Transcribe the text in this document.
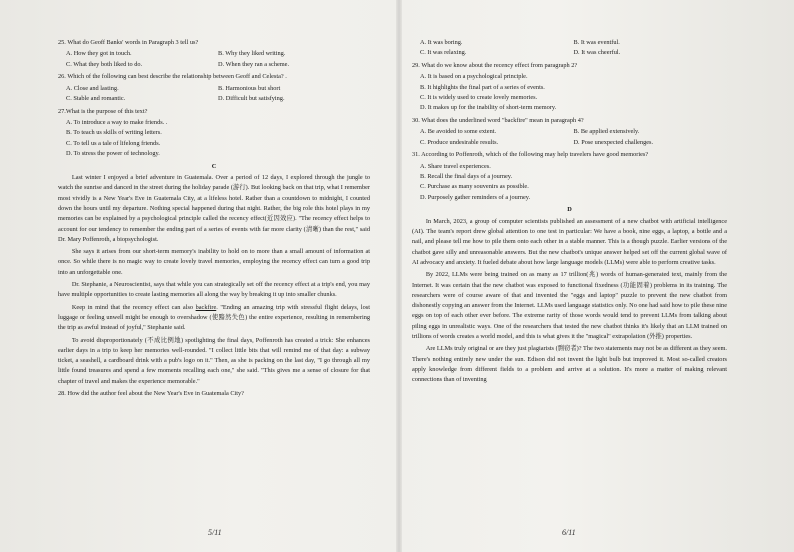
25. What do Geoff Banks' words in Paragraph 3 tell us?

A. How they got in touch.	B. Why they liked writing.
C. What they both liked to do.	D. When they ran a scheme.

26. Which of the following can best describe the relationship between Geoff and Celesta? .

A. Close and lasting.	B. Harmonious but short
C. Stable and romantic.	D. Difficult but satisfying.

27.What is the purpose of this text?

A. To introduce a way to make friends. .
B. To teach us skills of writing letters.
C. To tell us a tale of lifelong friends.
D. To stress the power of technology.
C

Last winter I enjoyed a brief adventure in Guatemala. Over a period of 12 days, I explored through the jungle to watch the sunrise and danced in the street during the holiday parade (游行). But looking back on that trip, what I remember most vividly is a New Year's Eve in Guatemala City, at a lifeless hotel. Rather than a countdown to midnight, I counted down the hours until my departure. Nothing special happened during that night. Rather, the big role this hotel plays in my memories can be explained by a psychological principle called the recency effect(近因效应). "The recency effect helps to account for our tendency to remember the ending part of a series of events with far more clarity (清晰) than the rest," said Dr. Mary Poffenroth, a biopsychologist.

She says it arises from our short-term memory's inability to hold on to more than a small amount of information at once. So while there is no magic way to create lovely travel memories, employing the recency effect can turn a good trip into an unforgettable one.

Dr. Stephanie, a Neuroscientist, says that while you can strategically set off the recency effect at a trip's end, you may have multiple opportunities to create lasting memories all along the way by breaking it up into smaller chunks.

Keep in mind that the recency effect can also backfire. "Ending an amazing trip with stressful flight delays, lost luggage or feeling unwell might be enough to overshadow (使黯然失色) the entire experience, resulting in remembering the trip as awful instead of joyful," Stephanie said.

To avoid disproportionately (不成比例地) spotlighting the final days, Poffenroth has created a trick: She enhances earlier days in a trip to keep her memories well-rounded. "I collect little bits that will remind me of that day: a subway ticket, a seashell, a cardboard drink with a pub's logo on it." Then, as she is packing on the last day, "I go through all my little found treasures and spend a few moments recalling each one," she said. "This gives me a sense of closure for that chapter of travel and makes the experience memorable."

28. How did the author feel about the New Year's Eve in Guatemala City?

5/11
A. It was boring.	B. It was eventful.
C. It was relaxing.	D. It was cheerful.

29. What do we know about the recency effect from paragraph 2?

A. It is based on a psychological principle.
B. It highlights the final part of a series of events.
C. It is widely used to create lovely memories.
D. It makes up for the inability of short-term memory.

30. What does the underlined word "backfire" mean in paragraph 4?

A. Be avoided to some extent.	B. Be applied extensively.
C. Produce undesirable results.	D. Pose unexpected challenges.

31. According to Poffenroth, which of the following may help travelers have good memories?

A. Share travel experiences.
B. Recall the final days of a journey.
C. Purchase as many souvenirs as possible.
D. Purposely gather reminders of a journey.
D

In March, 2023, a group of computer scientists published an assessment of a new chatbot with artificial intelligence (AI). The team's report drew global attention to one test in particular: We have a book, nine eggs, a laptop, a bottle and a nail, and please tell me how to pile them onto each other in a stable manner. This is a though puzzle. Earlier versions of the chatbot gave silly and unreasonable answers. But the new chatbot's unique answer helped set off the current global wave of AI advocacy and anxiety. It fueled debate about how large language models (LLMs) were able to perform creative tasks.

By 2022, LLMs were being trained on as many as 17 trillion(兆) words of human-generated text, mainly from the Internet. It was certain that the new chatbot was exposed to functional fixedness (功能固着) problems in its training. The researchers were of course aware of that and invented the "eggs and laptop" puzzle to prevent the new chatbot from dishonestly copying an answer from the Internet. LLMs used language statistics only. No one had said how to pile these nine eggs on top of each other ever before. The extreme rarity of those words would tend to prevent LLMs from talking about piling eggs in unrealistic ways. One of the researchers that tested the new chatbot thinks it's likely that an LLM trained on trillions of words creates a world model, and this is what gives it the "magical" extrapolation (外推) properties.

Are LLMs truly original or are they just plagiarists (剽窃者)? The two statements may not be as different as they seem. There's nothing entirely new under the sun. Edison did not invent the light bulb but improved it. Most so-called creators apply knowledge from different fields to a problem and arrive at a solution. It's more a matter of making relevant connections than of inventing

6/11
